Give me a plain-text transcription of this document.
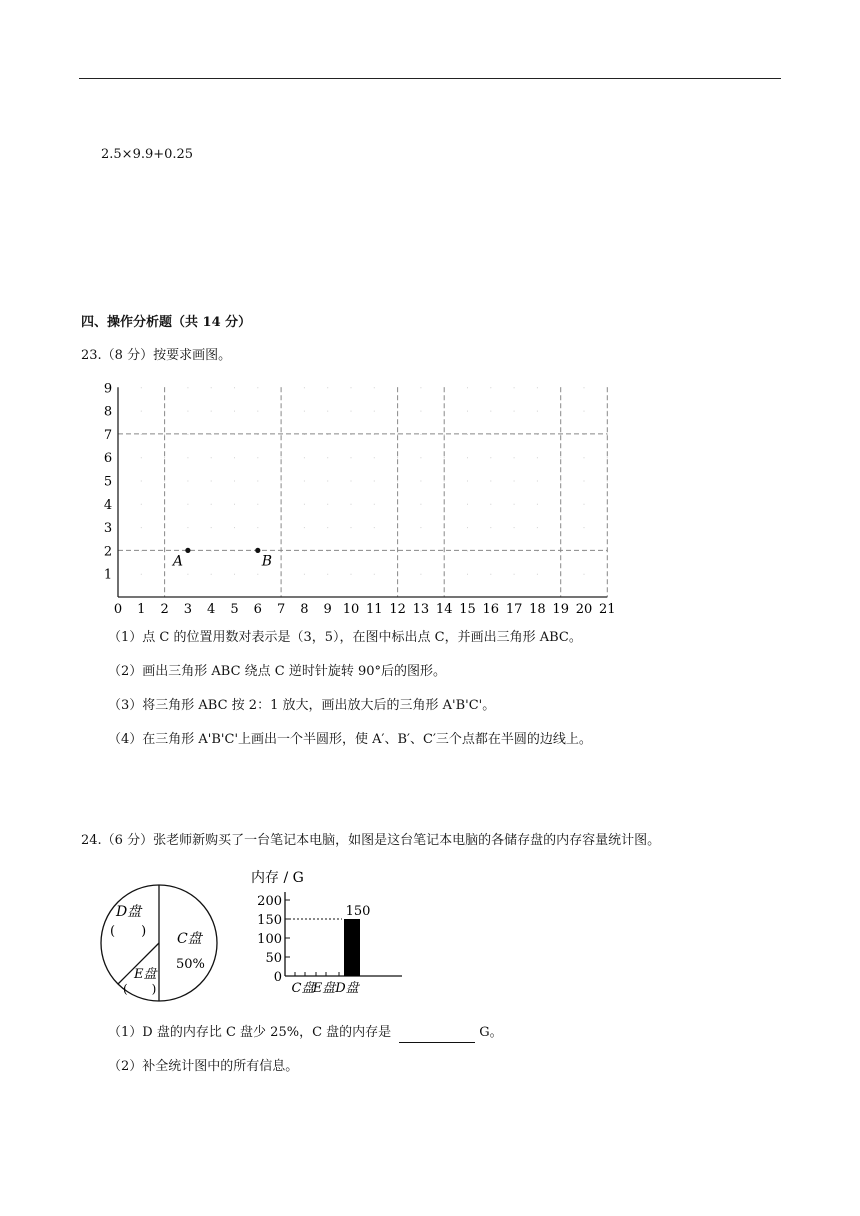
2.5×9.9+0.25
四、操作分析题（共 14 分）
23.（8 分）按要求画图。
0 1 2 3 4 5 6 7 8 9 10 11 12 13 14 15 16 17 18 19 20 21
1
2
3
4
5
6
7
8
9
A	B
（1）点 C 的位置用数对表示是（3，5），在图中标出点 C，并画出三角形 ABC。
（2）画出三角形 ABC 绕点 C 逆时针旋转 90°后的图形。
（3）将三角形 ABC 按 2：1 放大，画出放大后的三角形 A'B'C'。
（4）在三角形 A'B'C'上画出一个半圆形，使 A′、B′、C′三个点都在半圆的边线上。
24.（6 分）张老师新购买了一台笔记本电脑，如图是这台笔记本电脑的各储存盘的内存容量统计图。
C盘
50%
D盘
(　　)
E盘
(　　)
内存 / G
0
50
100
150
200
150
C盘
E盘 D盘
（1）D 盘的内存比 C 盘少 25%，C 盘的内存是	G。
（2）补全统计图中的所有信息。
